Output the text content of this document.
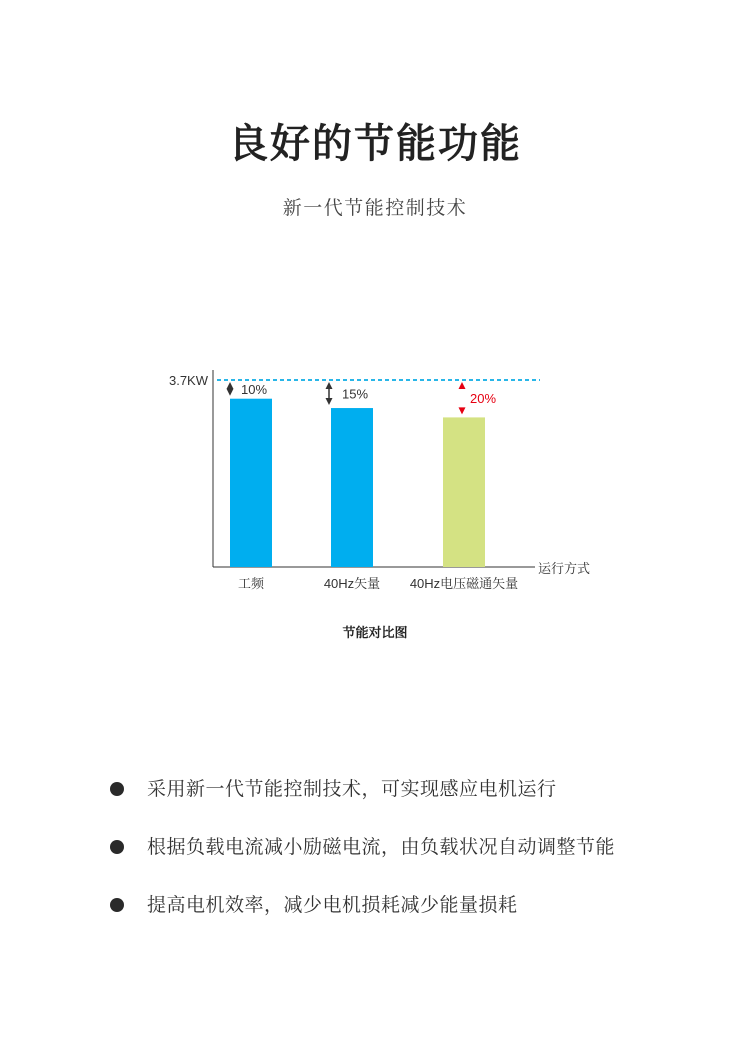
良好的节能功能
新一代节能控制技术
运行方式
3.7KW
工频
10%
40Hz矢量
15%
40Hz电压磁通矢量
20%
节能对比图
采用新一代节能控制技术，可实现感应电机运行
根据负载电流减小励磁电流，由负载状况自动调整节能
提高电机效率，减少电机损耗减少能量损耗
